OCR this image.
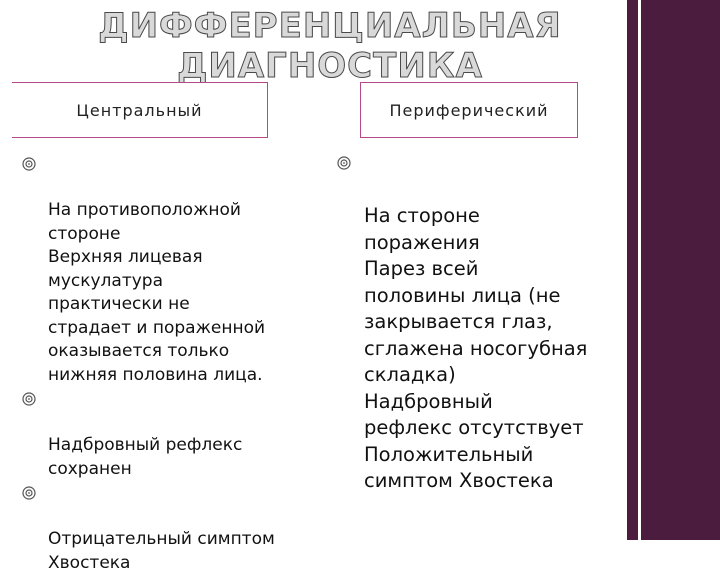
ДИФФЕРЕНЦИАЛЬНАЯ
ДИАГНОСТИКА
Центральный	Периферический

На противоположной
стороне
Верхняя лицевая
мускулатура
практически не
страдает и пораженной
оказывается только
нижняя половина лица.

Надбровный рефлекс
сохранен

Отрицательный симптом
Хвостека

На стороне
поражения
Парез всей
половины лица (не
закрывается глаз,
сглажена носогубная
складка)
Надбровный
рефлекс отсутствует
Положительный
симптом Хвостека
